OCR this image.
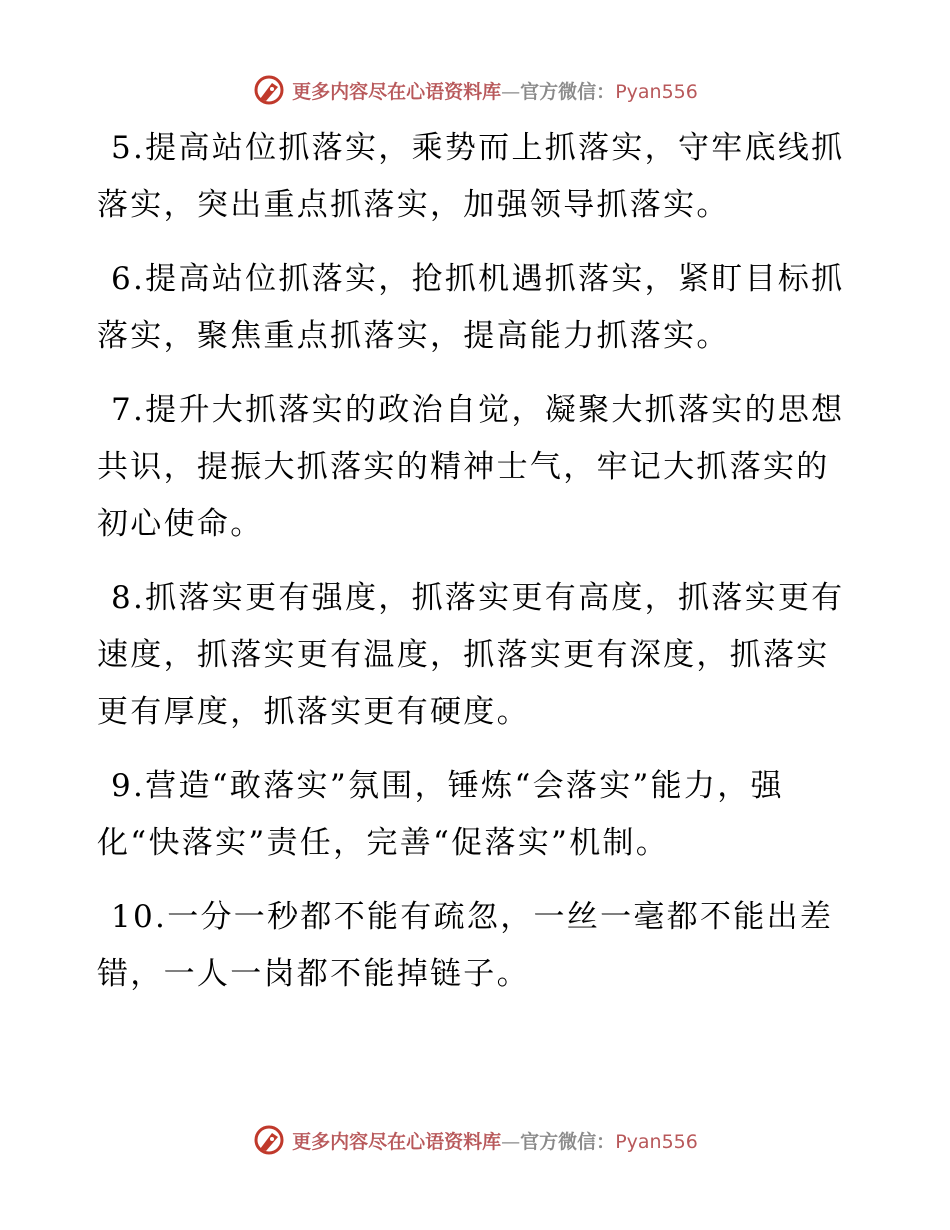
更多内容尽在心语资料库—官方微信：Pyan556

5.提高站位抓落实，乘势而上抓落实，守牢底线抓落实，突出重点抓落实，加强领导抓落实。

6.提高站位抓落实，抢抓机遇抓落实，紧盯目标抓落实，聚焦重点抓落实，提高能力抓落实。

7.提升大抓落实的政治自觉，凝聚大抓落实的思想共识，提振大抓落实的精神士气，牢记大抓落实的初心使命。

8.抓落实更有强度，抓落实更有高度，抓落实更有速度，抓落实更有温度，抓落实更有深度，抓落实更有厚度，抓落实更有硬度。

9.营造“敢落实”氛围，锤炼“会落实”能力，强化“快落实”责任，完善“促落实”机制。

10.一分一秒都不能有疏忽，一丝一毫都不能出差错，一人一岗都不能掉链子。

更多内容尽在心语资料库—官方微信：Pyan556
